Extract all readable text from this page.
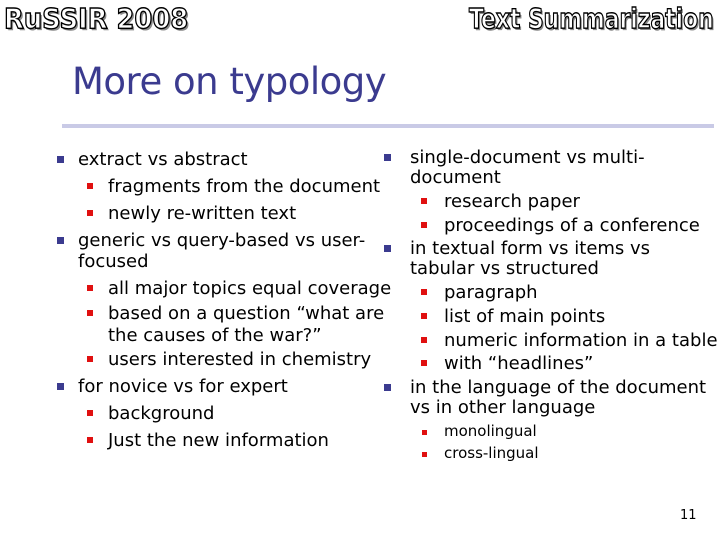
RuSSIR 2008	Text Summarization
More on typology
extract vs abstract
fragments from the document
newly re-written text
generic vs query-based vs user-
focused
all major topics equal coverage
based on a question “what are
the causes of the war?”
users interested in chemistry
for novice vs for expert
background
Just the new information
single-document vs multi-
document
research paper
proceedings of a conference
in textual form vs items vs
tabular vs structured
paragraph
list of main points
numeric information in a table
with “headlines”
in the language of the document
vs in other language
monolingual
cross-lingual
11
